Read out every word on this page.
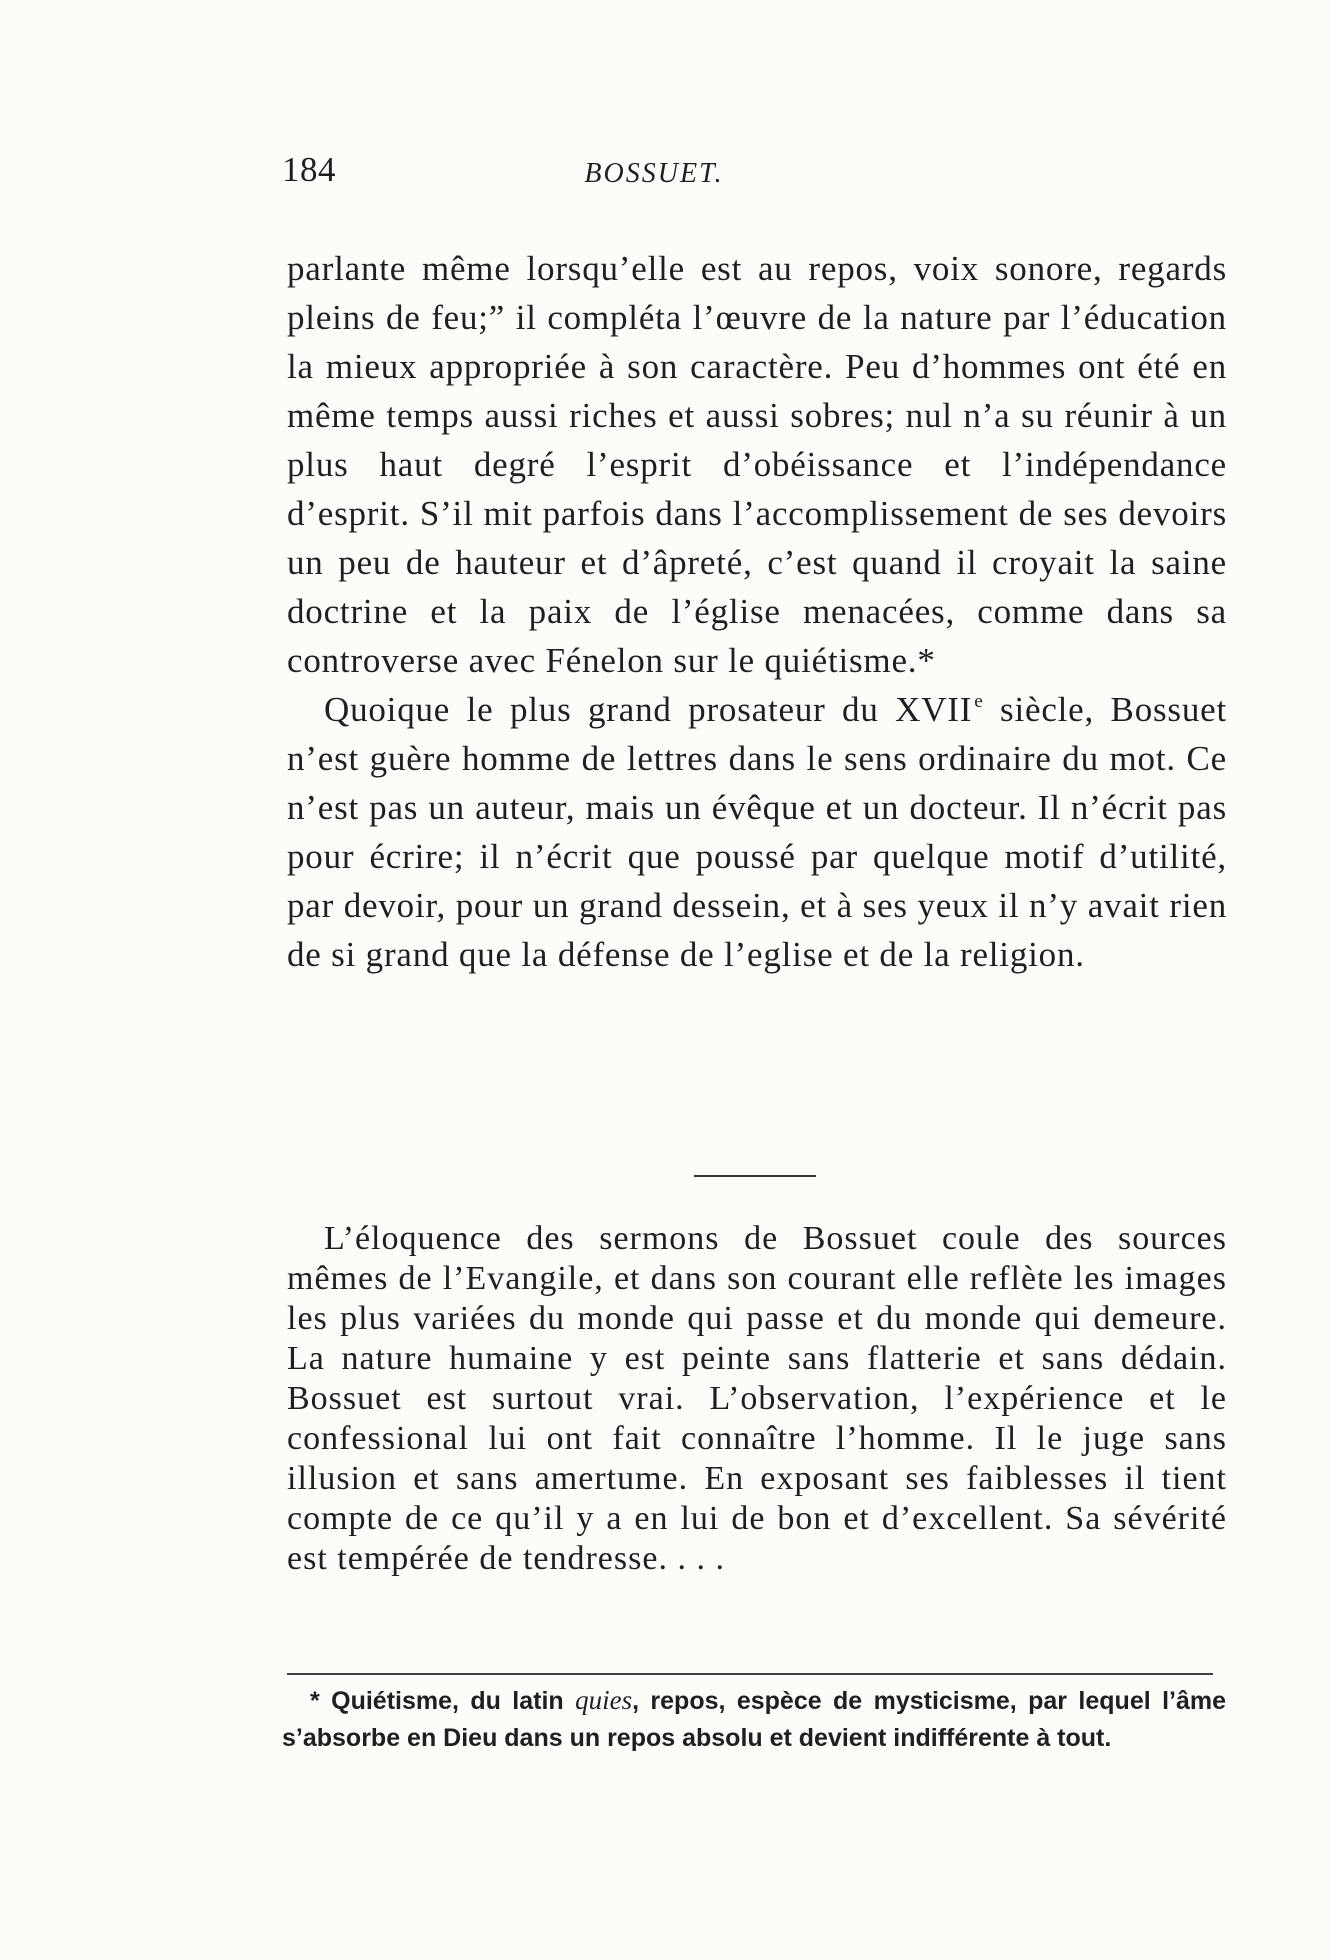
184	BOSSUET.

parlante même lorsqu’elle est au repos, voix sonore, regards pleins de feu;” il compléta l’œuvre de la nature par l’éducation la mieux appropriée à son caractère. Peu d’hommes ont été en même temps aussi riches et aussi sobres; nul n’a su réunir à un plus haut degré l’esprit d’obéissance et l’indépendance d’esprit. S’il mit parfois dans l’accomplissement de ses devoirs un peu de hauteur et d’âpreté, c’est quand il croyait la saine doctrine et la paix de l’église menacées, comme dans sa controverse avec Fénelon sur le quiétisme.*

Quoique le plus grand prosateur du XVII $^e$ siècle, Bossuet n’est guère homme de lettres dans le sens ordinaire du mot. Ce n’est pas un auteur, mais un évêque et un docteur. Il n’écrit pas pour écrire; il n’écrit que poussé par quelque motif d’utilité, par devoir, pour un grand dessein, et à ses yeux il n’y avait rien de si grand que la défense de l’eglise et de la religion.

L’éloquence des sermons de Bossuet coule des sources mêmes de l’Evangile, et dans son courant elle reflète les images les plus variées du monde qui passe et du monde qui demeure. La nature humaine y est peinte sans flatterie et sans dédain. Bossuet est surtout vrai. L’observation, l’expérience et le confessional lui ont fait connaître l’homme. Il le juge sans illusion et sans amertume. En exposant ses faiblesses il tient compte de ce qu’il y a en lui de bon et d’excellent. Sa sévérité est tempérée de tendresse. . . .

* Quiétisme, du latin quies, repos, espèce de mysticisme, par lequel l’âme s’absorbe en Dieu dans un repos absolu et devient indifférente à tout.
